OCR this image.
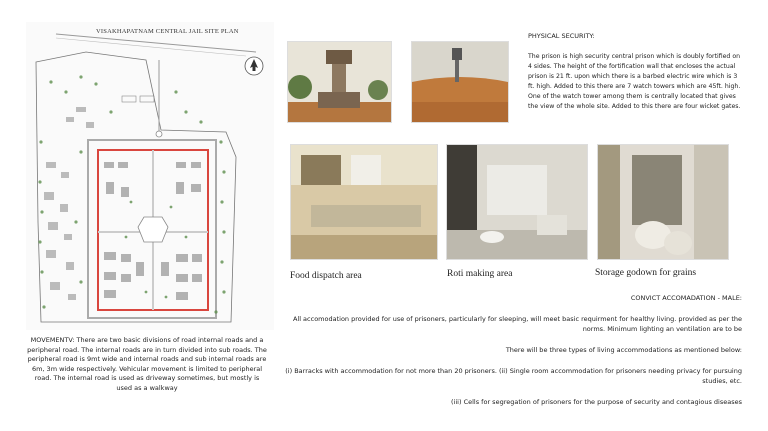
VISAKHAPATNAM CENTRAL JAIL SITE PLAN
MOVEMENTV: There are two basic divisions of road internal roads and a peripheral road. The internal roads are in turn divided into sub roads. The peripheral road is 9mt wide and internal roads and sub internal roads are 6m, 3m wide respectively. Vehicular movement is limited to peripheral road. The internal road is used as driveway sometimes, but mostly is used as a walkway
PHYSICAL SECURITY:
The prison is high security central prison which is doubly fortified on 4 sides. The height of the fortification wall that encloses the actual prison is 21 ft. upon which there is a barbed electric wire which is 3 ft. high. Added to this there are 7 watch towers which are 45ft. high. One of the watch tower among them is centrally located that gives the view of the whole site. Added to this there are four wicket gates.
Food dispatch area	Roti making area	Storage godown for grains
CONVICT ACCOMADATION - MALE:
All accomodation provided for use of prisoners, particularly for sleeping, will meet basic requirment for healthy living. provided as per the norms. Minimum lighting an ventilation are to be
There will be three types of living accommodations as mentioned below:
(i) Barracks with accommodation for not more than 20 prisoners. (ii) Single room accommodation for prisoners needing privacy for pursuing studies, etc.
(iii) Cells for segregation of prisoners for the purpose of security and contagious diseases
